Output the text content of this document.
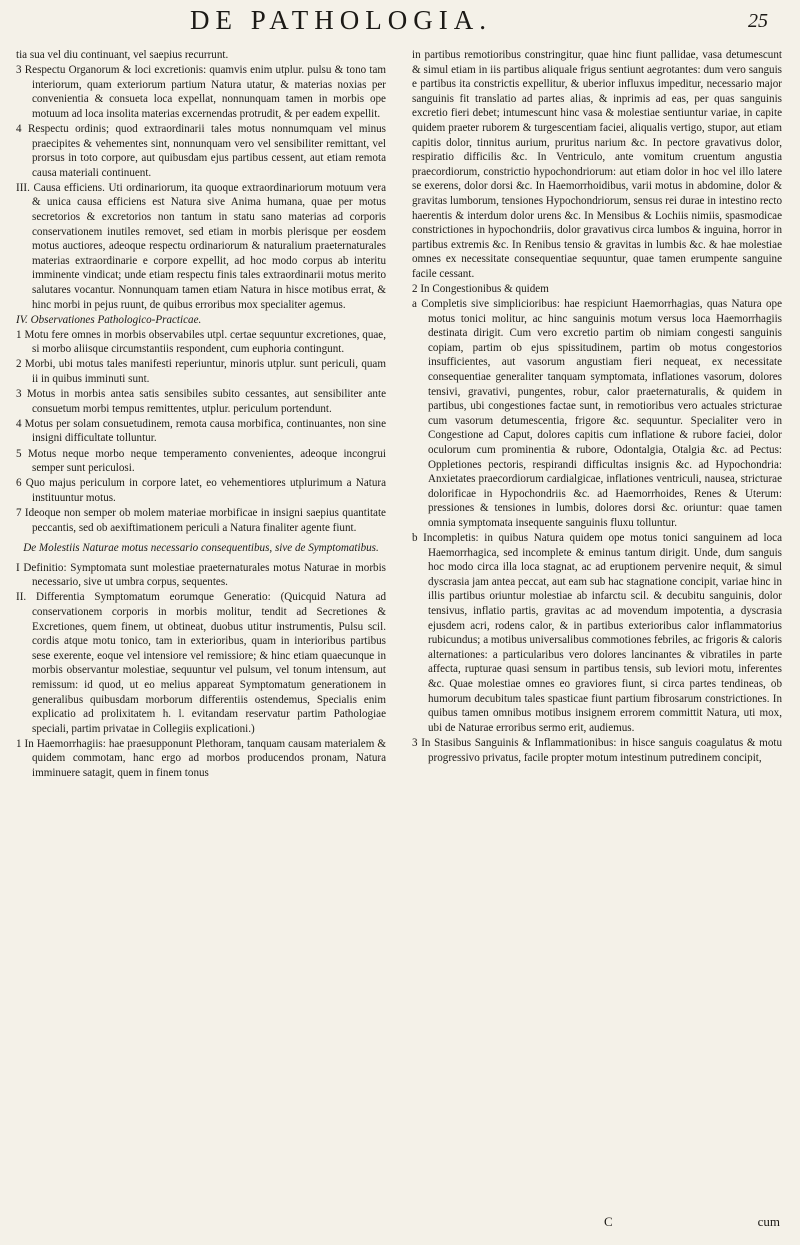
DE PATHOLOGIA.	25

tia sua vel diu continuant, vel saepius recurrunt.

3 Respectu Organorum & loci excretionis: quamvis enim utplur. pulsu & tono tam interiorum, quam exteriorum partium Natura utatur, & materias noxias per convenientia & consueta loca expellat, nonnunquam tamen in morbis ope motuum ad loca insolita materias excernendas protrudit, & per eadem expellit.

4 Respectu ordinis; quod extraordinarii tales motus nonnumquam vel minus praecipites & vehementes sint, nonnunquam vero vel sensibiliter remittant, vel prorsus in toto corpore, aut quibusdam ejus partibus cessent, aut etiam remota causa materiali continuent.

III. Causa efficiens. Uti ordinariorum, ita quoque extraordinariorum motuum vera & unica causa efficiens est Natura sive Anima humana, quae per motus secretorios & excretorios non tantum in statu sano materias ad corporis conservationem inutiles removet, sed etiam in morbis plerisque per eosdem motus auctiores, adeoque respectu ordinariorum & naturalium praeternaturales materias extraordinarie e corpore expellit, ad hoc modo corpus ab interitu imminente vindicat; unde etiam respectu finis tales extraordinarii motus merito salutares vocantur. Nonnunquam tamen etiam Natura in hisce motibus errat, & hinc morbi in pejus ruunt, de quibus erroribus mox specialiter agemus.

IV. Observationes Pathologico-Practicae.

1 Motu fere omnes in morbis observabiles utpl. certae sequuntur excretiones, quae, si morbo aliisque circumstantiis respondent, cum euphoria contingunt.

2 Morbi, ubi motus tales manifesti reperiuntur, minoris utplur. sunt periculi, quam ii in quibus imminuti sunt.

3 Motus in morbis antea satis sensibiles subito cessantes, aut sensibiliter ante consuetum morbi tempus remittentes, utplur. periculum portendunt.

4 Motus per solam consuetudinem, remota causa morbifica, continuantes, non sine insigni difficultate tolluntur.

5 Motus neque morbo neque temperamento convenientes, adeoque incongrui semper sunt periculosi.

6 Quo majus periculum in corpore latet, eo vehementiores utplurimum a Natura instituuntur motus.

7 Ideoque non semper ob molem materiae morbificae in insigni saepius quantitate peccantis, sed ob aexiftimationem periculi a Natura finaliter agente fiunt.

De Molestiis Naturae motus necessario consequentibus, sive de Symptomatibus.

I Definitio: Symptomata sunt molestiae praeternaturales motus Naturae in morbis necessario, sive ut umbra corpus, sequentes.

II. Differentia Symptomatum eorumque Generatio: (Quicquid Natura ad conservationem corporis in morbis molitur, tendit ad Secretiones & Excretiones, quem finem, ut obtineat, duobus utitur instrumentis, Pulsu scil. cordis atque motu tonico, tam in exterioribus, quam in interioribus partibus sese exerente, eoque vel intensiore vel remissiore; & hinc etiam quaecunque in morbis observantur molestiae, sequuntur vel pulsum, vel tonum intensum, aut remissum: id quod, ut eo melius appareat Symptomatum generationem in generalibus quibusdam morborum differentiis ostendemus, Specialis enim explicatio ad prolixitatem h. l. evitandam reservatur partim Pathologiae speciali, partim privatae in Collegiis explicationi.)

1 In Haemorrhagiis: hae praesupponunt Plethoram, tanquam causam materialem & quidem commotam, hanc ergo ad morbos producendos pronam, Natura imminuere satagit, quem in finem tonus

in partibus remotioribus constringitur, quae hinc fiunt pallidae, vasa detumescunt & simul etiam in iis partibus aliquale frigus sentiunt aegrotantes: dum vero sanguis e partibus ita constrictis expellitur, & uberior influxus impeditur, necessario major sanguinis fit translatio ad partes alias, & inprimis ad eas, per quas sanguinis excretio fieri debet; intumescunt hinc vasa & molestiae sentiuntur variae, in capite quidem praeter ruborem & turgescentiam faciei, aliqualis vertigo, stupor, aut etiam capitis dolor, tinnitus aurium, pruritus narium &c. In pectore gravativus dolor, respiratio difficilis &c. In Ventriculo, ante vomitum cruentum angustia praecordiorum, constrictio hypochondriorum: aut etiam dolor in hoc vel illo latere se exerens, dolor dorsi &c. In Haemorrhoidibus, varii motus in abdomine, dolor & gravitas lumborum, tensiones Hypochondriorum, sensus rei durae in intestino recto haerentis & interdum dolor urens &c. In Mensibus & Lochiis nimiis, spasmodicae constrictiones in hypochondriis, dolor gravativus circa lumbos & inguina, horror in partibus extremis &c. In Renibus tensio & gravitas in lumbis &c. & hae molestiae omnes ex necessitate consequentiae sequuntur, quae tamen erumpente sanguine facile cessant.

2 In Congestionibus & quidem

a Completis sive simplicioribus: hae respiciunt Haemorrhagias, quas Natura ope motus tonici molitur, ac hinc sanguinis motum versus loca Haemorrhagiis destinata dirigit. Cum vero excretio partim ob nimiam congesti sanguinis copiam, partim ob ejus spissitudinem, partim ob motus congestorios insufficientes, aut vasorum angustiam fieri nequeat, ex necessitate consequentiae generaliter tanquam symptomata, inflationes vasorum, dolores tensivi, gravativi, pungentes, robur, calor praeternaturalis, & quidem in partibus, ubi congestiones factae sunt, in remotioribus vero actuales stricturae cum vasorum detumescentia, frigore &c. sequuntur. Specialiter vero in Congestione ad Caput, dolores capitis cum inflatione & rubore faciei, dolor oculorum cum prominentia & rubore, Odontalgia, Otalgia &c. ad Pectus: Oppletiones pectoris, respirandi difficultas insignis &c. ad Hypochondria: Anxietates praecordiorum cardialgicae, inflationes ventriculi, nausea, stricturae dolorificae in Hypochondriis &c. ad Haemorrhoides, Renes & Uterum: pressiones & tensiones in lumbis, dolores dorsi &c. oriuntur: quae tamen omnia symptomata insequente sanguinis fluxu tolluntur.

b Incompletis: in quibus Natura quidem ope motus tonici sanguinem ad loca Haemorrhagica, sed incomplete & eminus tantum dirigit. Unde, dum sanguis hoc modo circa illa loca stagnat, ac ad eruptionem pervenire nequit, & simul dyscrasia jam antea peccat, aut eam sub hac stagnatione concipit, variae hinc in illis partibus oriuntur molestiae ab infarctu scil. & decubitu sanguinis, dolor tensivus, inflatio partis, gravitas ac ad movendum impotentia, a dyscrasia ejusdem acri, rodens calor, & in partibus exterioribus calor inflammatorius rubicundus; a motibus universalibus commotiones febriles, ac frigoris & caloris alternationes: a particularibus vero dolores lancinantes & vibratiles in parte affecta, rupturae quasi sensum in partibus tensis, sub leviori motu, inferentes &c. Quae molestiae omnes eo graviores fiunt, si circa partes tendineas, ob humorum decubitum tales spasticae fiunt partium fibrosarum constrictiones. In quibus tamen omnibus motibus insignem errorem committit Natura, uti mox, ubi de Naturae erroribus sermo erit, audiemus.

3 In Stasibus Sanguinis & Inflammationibus: in hisce sanguis coagulatus & motu progressivo privatus, facile propter motum intestinum putredinem concipit,

C	cum
